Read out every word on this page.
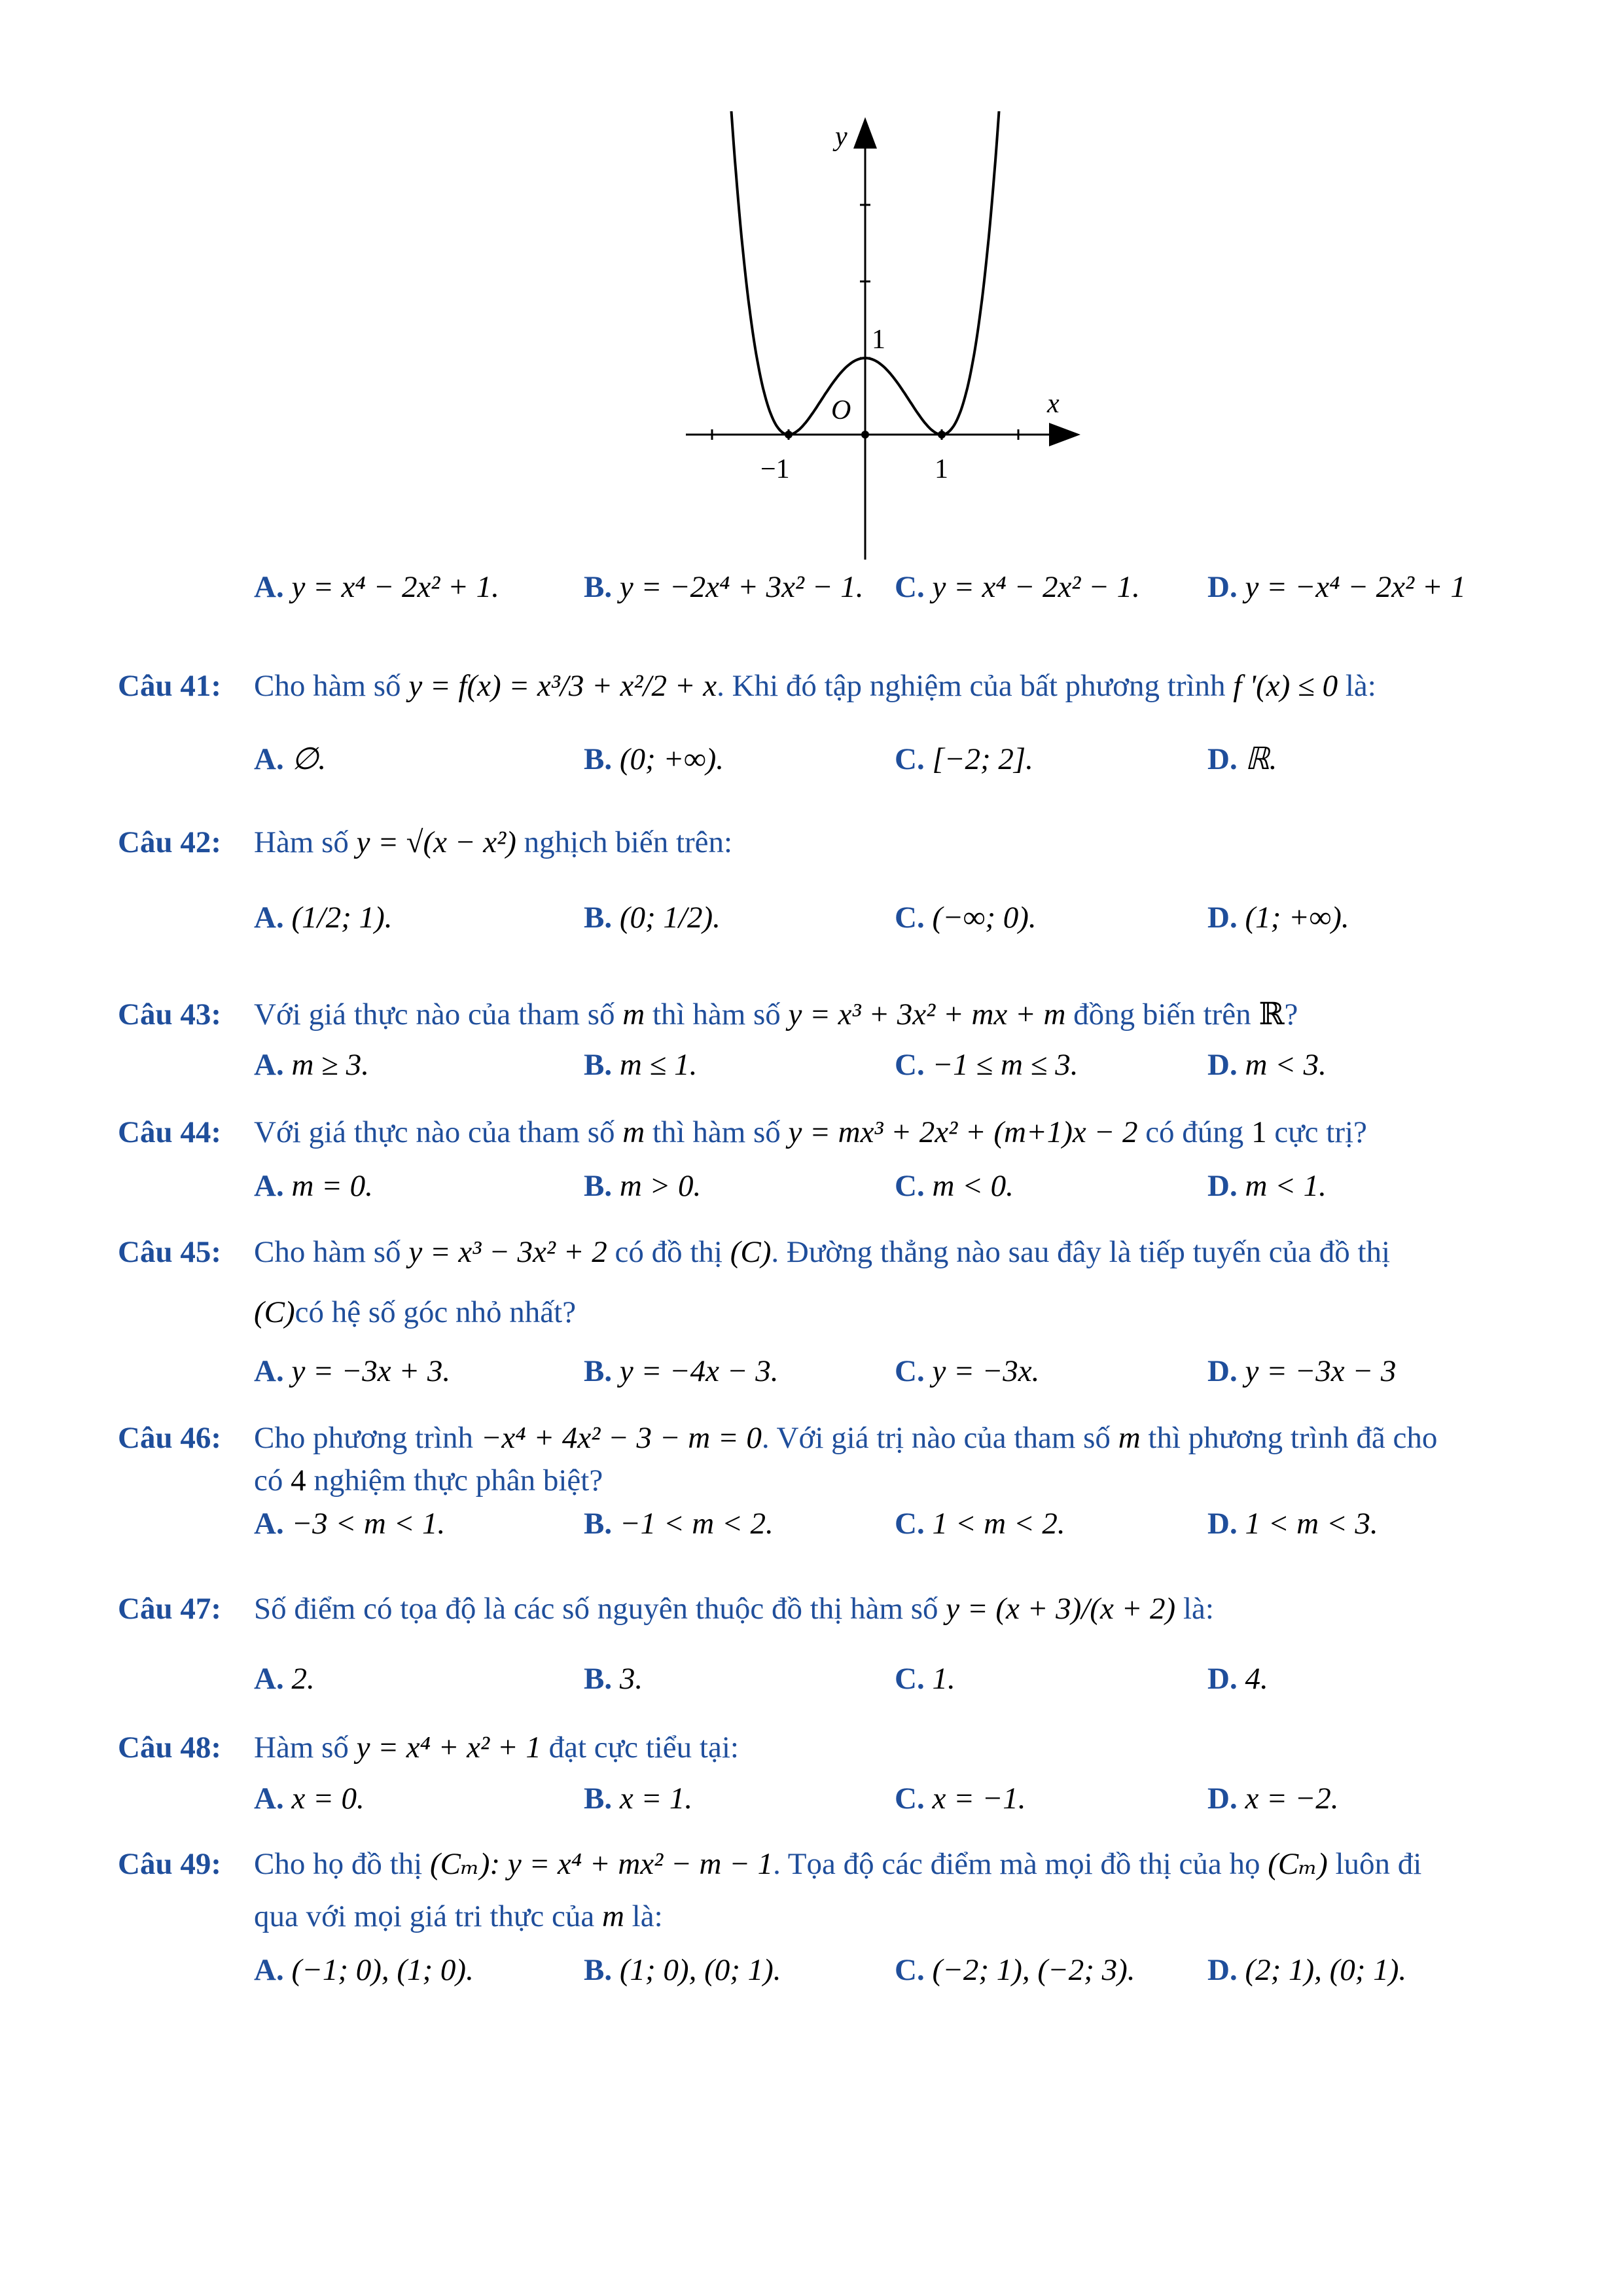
y
x
O
1
−1	1
A. y = x⁴ − 2x² + 1.	B. y = −2x⁴ + 3x² − 1. C. y = x⁴ − 2x² − 1. D. y = −x⁴ − 2x² + 1
Câu 41: Cho hàm số y = f(x) = x³/3 + x²/2 + x. Khi đó tập nghiệm của bất phương trình f '(x) ≤ 0 là:
A. ∅.	B. (0; +∞).	C. [−2; 2].	D. ℝ.
Câu 42: Hàm số y = √(x − x²) nghịch biến trên:
A. (1/2; 1).	B. (0; 1/2).	C. (−∞; 0).	D. (1; +∞).
Câu 43: Với giá thực nào của tham số m thì hàm số y = x³ + 3x² + mx + m đồng biến trên ℝ?
A. m ≥ 3.	B. m ≤ 1.	C. −1 ≤ m ≤ 3.	D. m < 3.
Câu 44: Với giá thực nào của tham số m thì hàm số y = mx³ + 2x² + (m+1)x − 2 có đúng 1 cực trị?
A. m = 0.	B. m > 0.	C. m < 0.	D. m < 1.
Câu 45: Cho hàm số y = x³ − 3x² + 2 có đồ thị (C). Đường thẳng nào sau đây là tiếp tuyến của đồ thị
(C)có hệ số góc nhỏ nhất?
A. y = −3x + 3.	B. y = −4x − 3.	C. y = −3x.	D. y = −3x − 3
Câu 46: Cho phương trình −x⁴ + 4x² − 3 − m = 0. Với giá trị nào của tham số m thì phương trình đã cho
có 4 nghiệm thực phân biệt?
A. −3 < m < 1.	B. −1 < m < 2.	C. 1 < m < 2.	D. 1 < m < 3.
Câu 47: Số điểm có tọa độ là các số nguyên thuộc đồ thị hàm số y = (x + 3)/(x + 2) là:
A. 2.	B. 3.	C. 1.	D. 4.
Câu 48: Hàm số y = x⁴ + x² + 1 đạt cực tiểu tại:
A. x = 0.	B. x = 1.	C. x = −1.	D. x = −2.
Câu 49: Cho họ đồ thị (Cₘ): y = x⁴ + mx² − m − 1. Tọa độ các điểm mà mọi đồ thị của họ (Cₘ) luôn đi
qua với mọi giá tri thực của m là:
A. (−1; 0), (1; 0).	B. (1; 0), (0; 1).	C. (−2; 1), (−2; 3). D. (2; 1), (0; 1).
